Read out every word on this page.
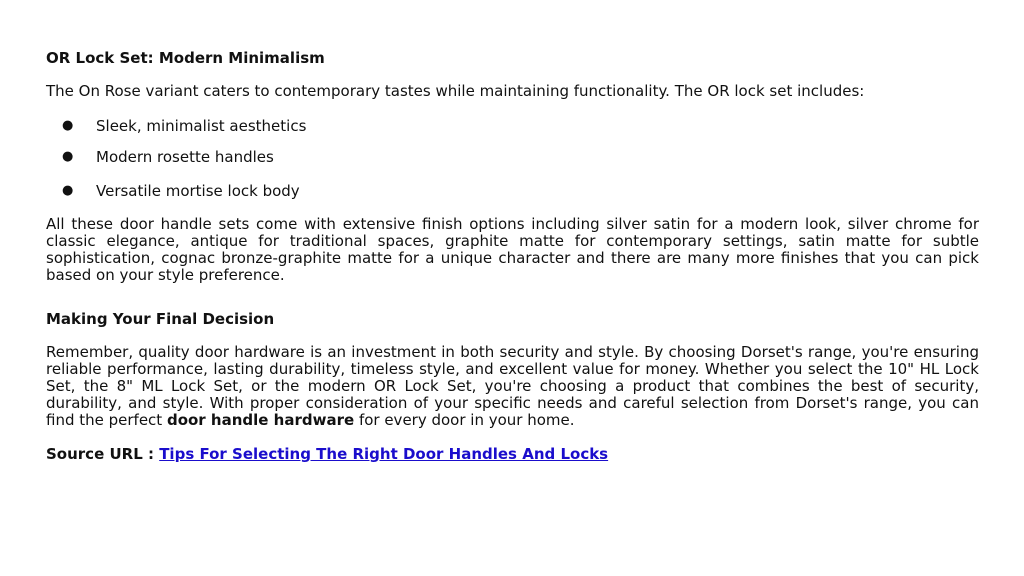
OR Lock Set: Modern Minimalism

The On Rose variant caters to contemporary tastes while maintaining functionality. The OR lock set includes:

● Sleek, minimalist aesthetics
● Modern rosette handles
● Versatile mortise lock body

All these door handle sets come with extensive finish options including silver satin for a modern look, silver chrome for classic elegance, antique for traditional spaces, graphite matte for contemporary settings, satin matte for subtle sophistication, cognac bronze-graphite matte for a unique character and there are many more finishes that you can pick based on your style preference.

Making Your Final Decision

Remember, quality door hardware is an investment in both security and style. By choosing Dorset's range, you're ensuring reliable performance, lasting durability, timeless style, and excellent value for money. Whether you select the 10" HL Lock Set, the 8" ML Lock Set, or the modern OR Lock Set, you're choosing a product that combines the best of security, durability, and style. With proper consideration of your specific needs and careful selection from Dorset's range, you can find the perfect door handle hardware for every door in your home.

Source URL : Tips For Selecting The Right Door Handles And Locks
